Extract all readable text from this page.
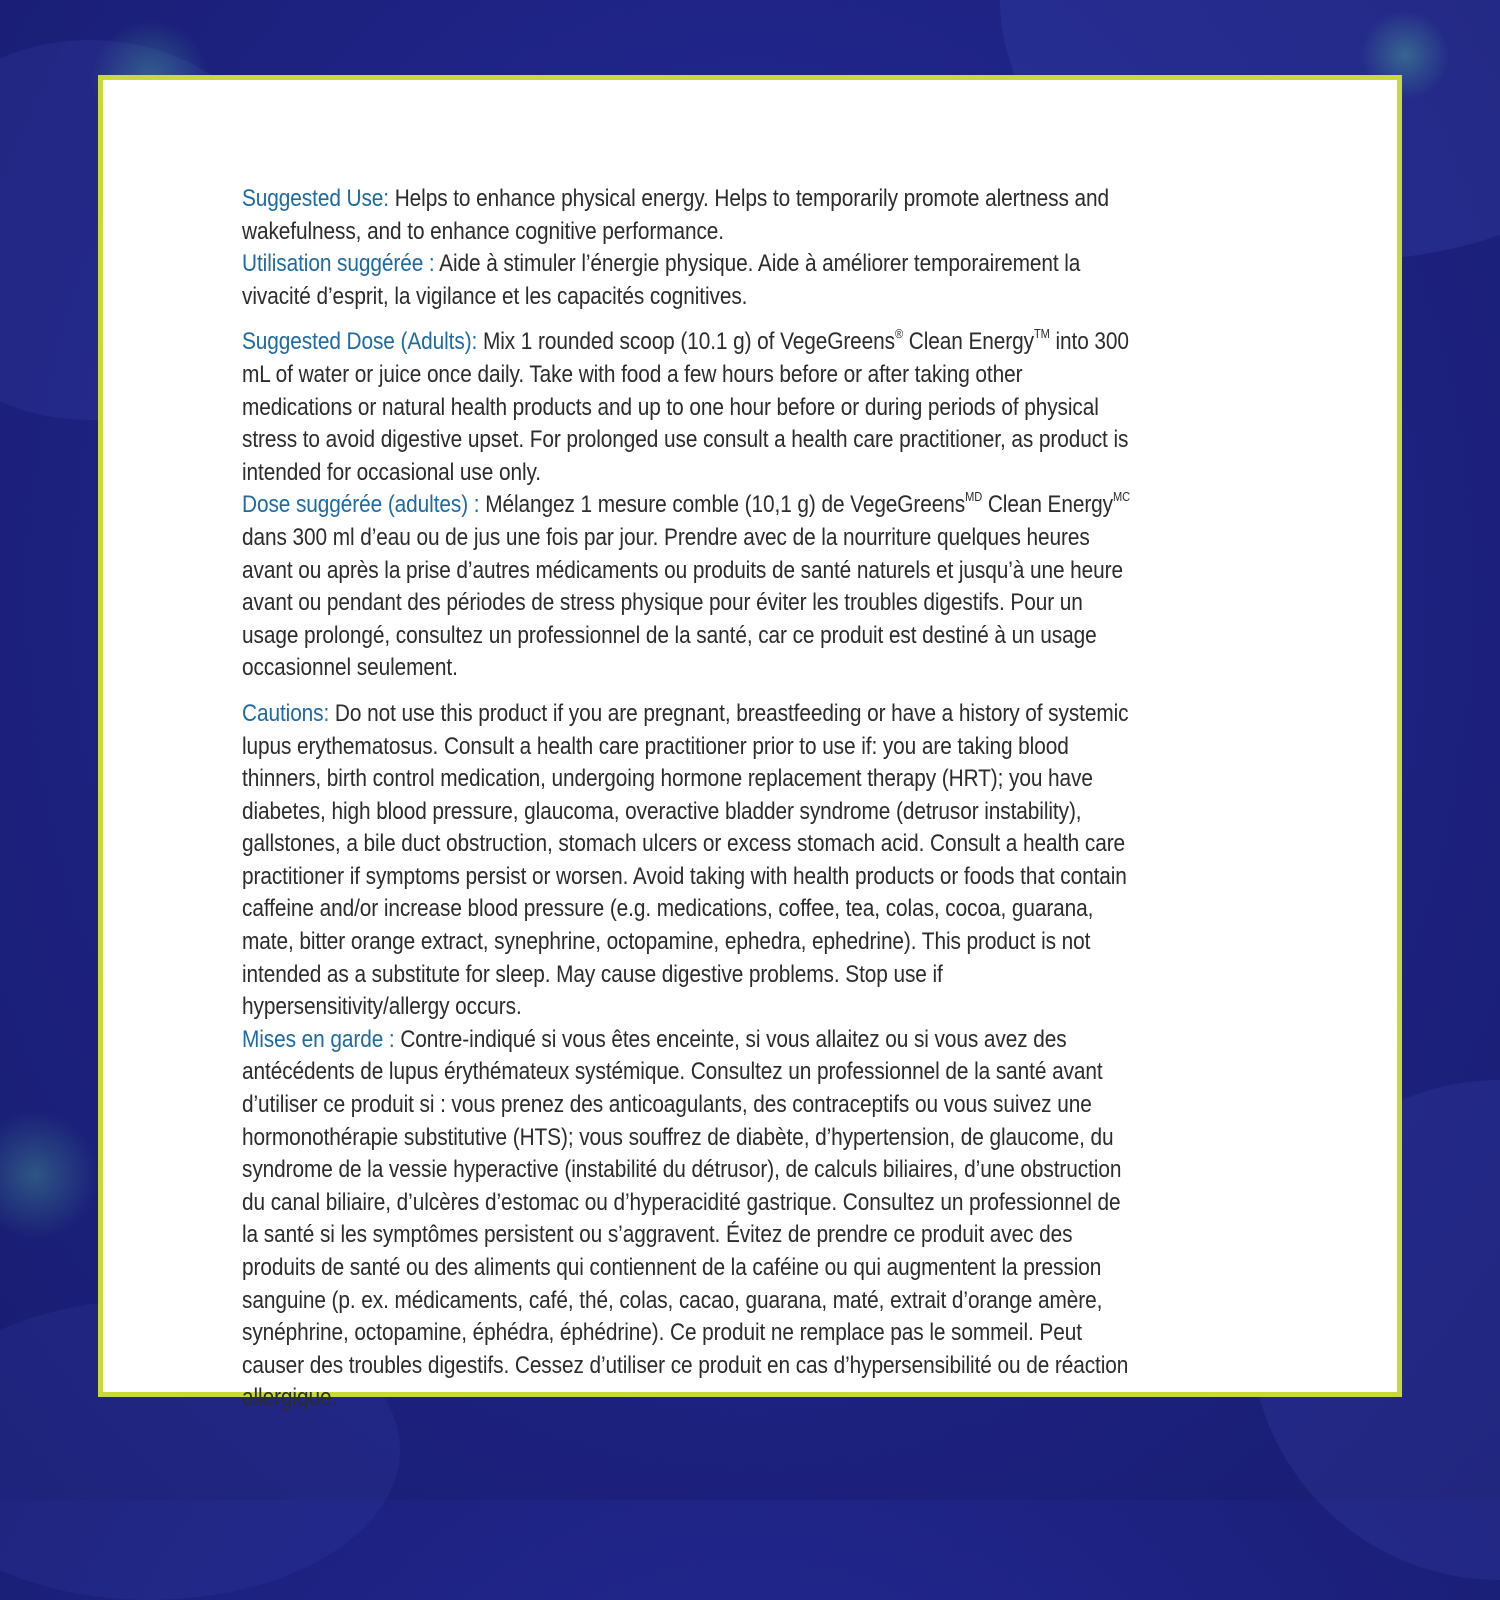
Suggested Use: Helps to enhance physical energy. Helps to temporarily promote alertness and wakefulness, and to enhance cognitive performance.

Utilisation suggérée : Aide à stimuler l’énergie physique. Aide à améliorer temporairement la vivacité d’esprit, la vigilance et les capacités cognitives.

Suggested Dose (Adults): Mix 1 rounded scoop (10.1 g) of VegeGreens® Clean Energy™ into 300 mL of water or juice once daily. Take with food a few hours before or after taking other medications or natural health products and up to one hour before or during periods of physical stress to avoid digestive upset. For prolonged use consult a health care practitioner, as product is intended for occasional use only.

Dose suggérée (adultes) : Mélangez 1 mesure comble (10,1 g) de VegeGreens$^{MD}$ Clean Energy$^{MC}$ dans 300 ml d’eau ou de jus une fois par jour. Prendre avec de la nourriture quelques heures avant ou après la prise d’autres médicaments ou produits de santé naturels et jusqu’à une heure avant ou pendant des périodes de stress physique pour éviter les troubles digestifs. Pour un usage prolongé, consultez un professionnel de la santé, car ce produit est destiné à un usage occasionnel seulement.

Cautions: Do not use this product if you are pregnant, breastfeeding or have a history of systemic lupus erythematosus. Consult a health care practitioner prior to use if: you are taking blood thinners, birth control medication, undergoing hormone replacement therapy (HRT); you have diabetes, high blood pressure, glaucoma, overactive bladder syndrome (detrusor instability), gallstones, a bile duct obstruction, stomach ulcers or excess stomach acid. Consult a health care practitioner if symptoms persist or worsen. Avoid taking with health products or foods that contain caffeine and/or increase blood pressure (e.g. medications, coffee, tea, colas, cocoa, guarana, mate, bitter orange extract, synephrine, octopamine, ephedra, ephedrine). This product is not intended as a substitute for sleep. May cause digestive problems. Stop use if hypersensitivity/allergy occurs.

Mises en garde : Contre-indiqué si vous êtes enceinte, si vous allaitez ou si vous avez des antécédents de lupus érythémateux systémique. Consultez un professionnel de la santé avant d’utiliser ce produit si : vous prenez des anticoagulants, des contraceptifs ou vous suivez une hormonothérapie substitutive (HTS); vous souffrez de diabète, d’hypertension, de glaucome, du syndrome de la vessie hyperactive (instabilité du détrusor), de calculs biliaires, d’une obstruction du canal biliaire, d’ulcères d’estomac ou d’hyperacidité gastrique. Consultez un professionnel de la santé si les symptômes persistent ou s’aggravent. Évitez de prendre ce produit avec des produits de santé ou des aliments qui contiennent de la caféine ou qui augmentent la pression sanguine (p. ex. médicaments, café, thé, colas, cacao, guarana, maté, extrait d’orange amère, synéphrine, octopamine, éphédra, éphédrine). Ce produit ne remplace pas le sommeil. Peut causer des troubles digestifs. Cessez d’utiliser ce produit en cas d’hypersensibilité ou de réaction allergique.
